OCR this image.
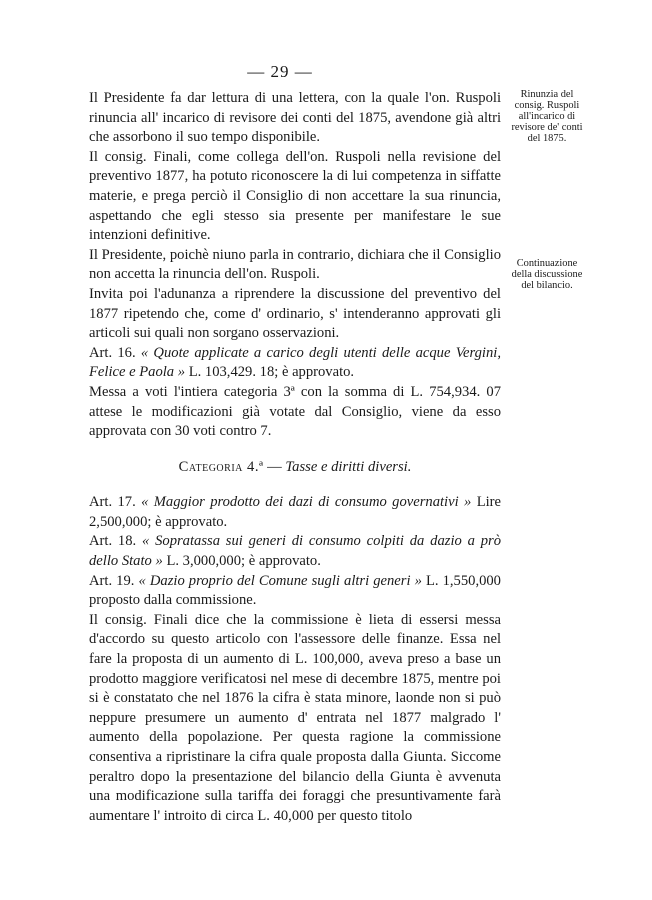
— 29 —

Il Presidente fa dar lettura di una lettera, con la quale l'on. Ruspoli rinuncia all' incarico di revisore dei conti del 1875, avendone già altri che assorbono il suo tempo disponibile.

Il consig. Finali, come collega dell'on. Ruspoli nella revisione del preventivo 1877, ha potuto riconoscere la di lui competenza in siffatte materie, e prega perciò il Consiglio di non accettare la sua rinuncia, aspettando che egli stesso sia presente per manifestare le sue intenzioni definitive.

Il Presidente, poichè niuno parla in contrario, dichiara che il Consiglio non accetta la rinuncia dell'on. Ruspoli.

Invita poi l'adunanza a riprendere la discussione del preventivo del 1877 ripetendo che, come d' ordinario, s' intenderanno approvati gli articoli sui quali non sorgano osservazioni.

Art. 16. « Quote applicate a carico degli utenti delle acque Vergini, Felice e Paola » L. 103,429. 18; è approvato.

Messa a voti l'intiera categoria 3ª con la somma di L. 754,934. 07 attese le modificazioni già votate dal Consiglio, viene da esso approvata con 30 voti contro 7.

Categoria 4.ª — Tasse e diritti diversi.

Art. 17. « Maggior prodotto dei dazi di consumo governativi » Lire 2,500,000; è approvato.

Art. 18. « Sopratassa sui generi di consumo colpiti da dazio a prò dello Stato » L. 3,000,000; è approvato.

Art. 19. « Dazio proprio del Comune sugli altri generi » L. 1,550,000 proposto dalla commissione.

Il consig. Finali dice che la commissione è lieta di essersi messa d'accordo su questo articolo con l'assessore delle finanze. Essa nel fare la proposta di un aumento di L. 100,000, aveva preso a base un prodotto maggiore verificatosi nel mese di decembre 1875, mentre poi si è constatato che nel 1876 la cifra è stata minore, laonde non si può neppure presumere un aumento d' entrata nel 1877 malgrado l' aumento della popolazione. Per questa ragione la commissione consentiva a ripristinare la cifra quale proposta dalla Giunta. Siccome peraltro dopo la presentazione del bilancio della Giunta è avvenuta una modificazione sulla tariffa dei foraggi che presuntivamente farà aumentare l' introito di circa L. 40,000 per questo titolo

Rinunzia del consig. Ruspoli all'incarico di revisore de' conti del 1875.
Continuazione della discussione del bilancio.
